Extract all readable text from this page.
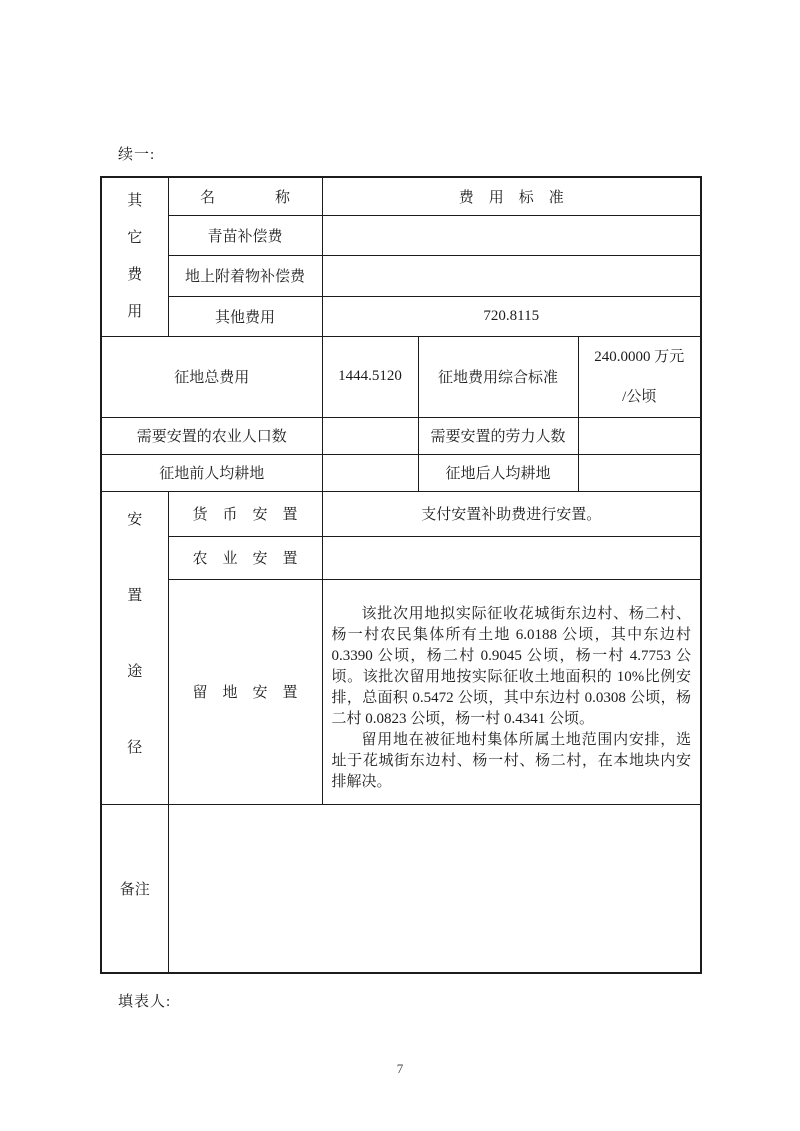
续一:
其
它
费
用	名　　　　称	费　用　标　准		
	青苗补偿费			
	地上附着物补偿费			
	其他费用	720.8115		
征地总费用		1444.5120	征地费用综合标准	240.0000 万元
/公顷

需要安置的农业人口数			需要安置的劳力人数	
征地前人均耕地			征地后人均耕地	

安
置
途
径	货　币　安　置	支付安置补助费进行安置。		
	农　业　安　置			
	留　地　安　置	该批次用地拟实际征收花城街东边村、杨二村、杨一村农民集体所有土地 6.0188 公顷，其中东边村 0.3390 公顷，杨二村 0.9045 公顷，杨一村 4.7753 公顷。该批次留用地按实际征收土地面积的 10%比例安排，总面积 0.5472 公顷，其中东边村 0.0308 公顷，杨二村 0.0823 公顷，杨一村 0.4341 公顷。

留用地在被征地村集体所属土地范围内安排，选址于花城街东边村、杨一村、杨二村，在本地块内安排解决。		

备注				
填表人:
7
